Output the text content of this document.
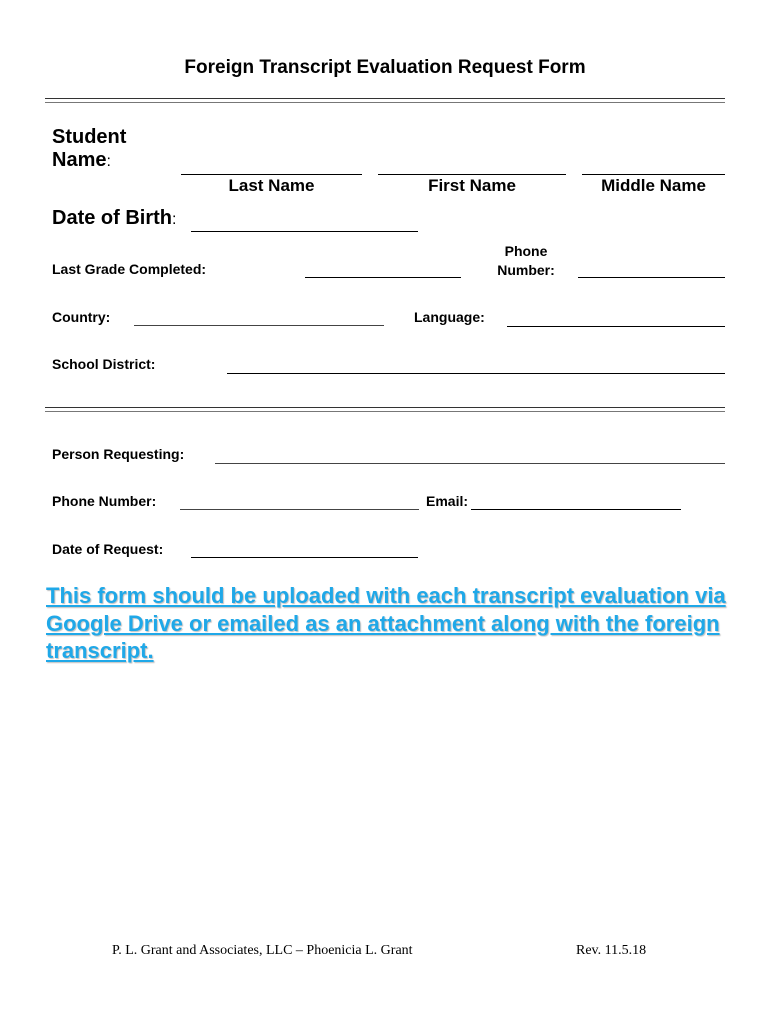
Foreign Transcript Evaluation Request Form
Student
Name:
Last Name	First Name	Middle Name
Date of Birth:
Last Grade Completed:
Phone
Number:
Country:	Language:
School District:
Person Requesting:
Phone Number:	Email:
Date of Request:
This form should be uploaded with each transcript evaluation via Google Drive or emailed as an attachment along with the foreign transcript.
P. L. Grant and Associates, LLC – Phoenicia L. Grant	Rev. 11.5.18
